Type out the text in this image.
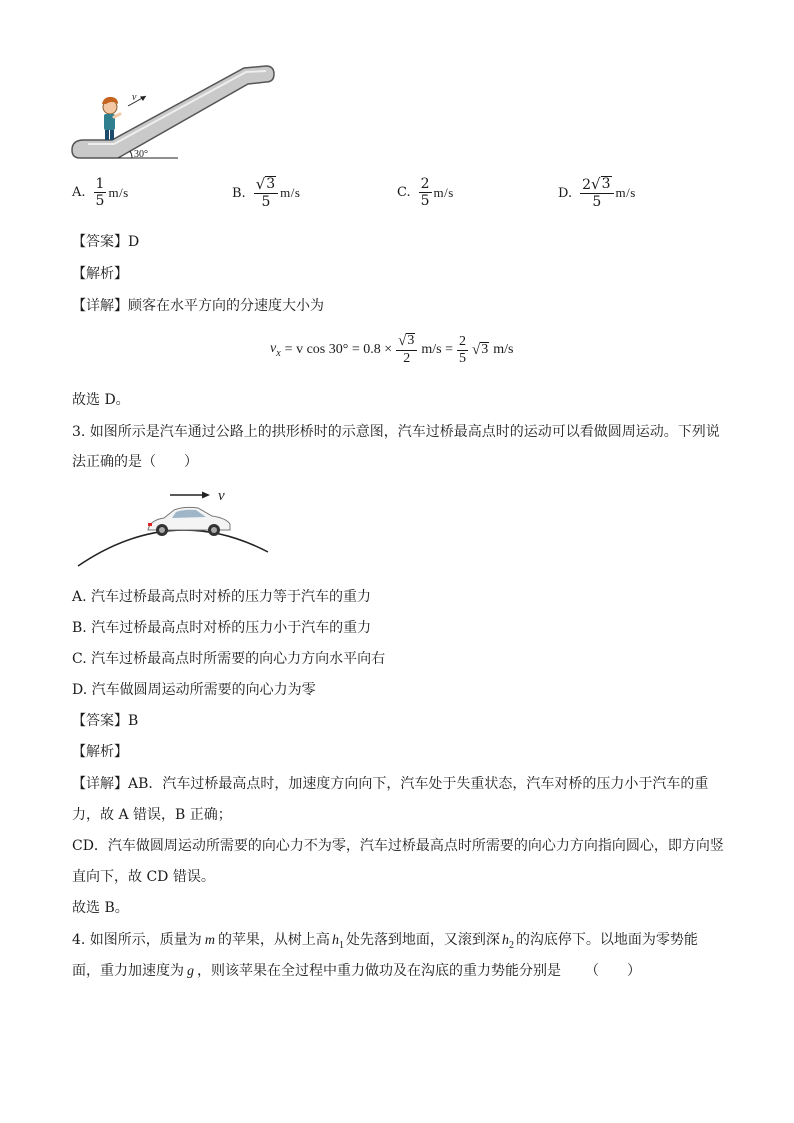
30°
v
A. $\frac{1}{5} m/s$	B. $\frac{√ 3}{5} m/s$	C. $\frac{2}{5} m/s$	D. $\frac{2 √ 3}{5} m/s$
【答案】D
【解析】
【详解】顾客在水平方向的分速度大小为
$v_x = v$ $\cos 30^\circ = 0.8 \times \frac{√ 3}{2} m/s = \frac{2}{5}$ √ 3 m/s
故选 D。
3. 如图所示是汽车通过公路上的拱形桥时的示意图，汽车过桥最高点时的运动可以看做圆周运动。下列说
法正确的是（　　）
v
A. 汽车过桥最高点时对桥的压力等于汽车的重力
B. 汽车过桥最高点时对桥的压力小于汽车的重力
C. 汽车过桥最高点时所需要的向心力方向水平向右
D. 汽车做圆周运动所需要的向心力为零
【答案】B
【解析】
【详解】AB．汽车过桥最高点时，加速度方向向下，汽车处于失重状态，汽车对桥的压力小于汽车的重
力，故 A 错误，B 正确；
CD．汽车做圆周运动所需要的向心力不为零，汽车过桥最高点时所需要的向心力方向指向圆心，即方向竖
直向下，故 CD 错误。
故选 B。
4. 如图所示，质量为 m 的苹果，从树上高 $h_1$ 处先落到地面，又滚到深 $h_2$ 的沟底停下。以地面为零势能
面，重力加速度为 g ，则该苹果在全过程中重力做功及在沟底的重力势能分别是 （　　）
